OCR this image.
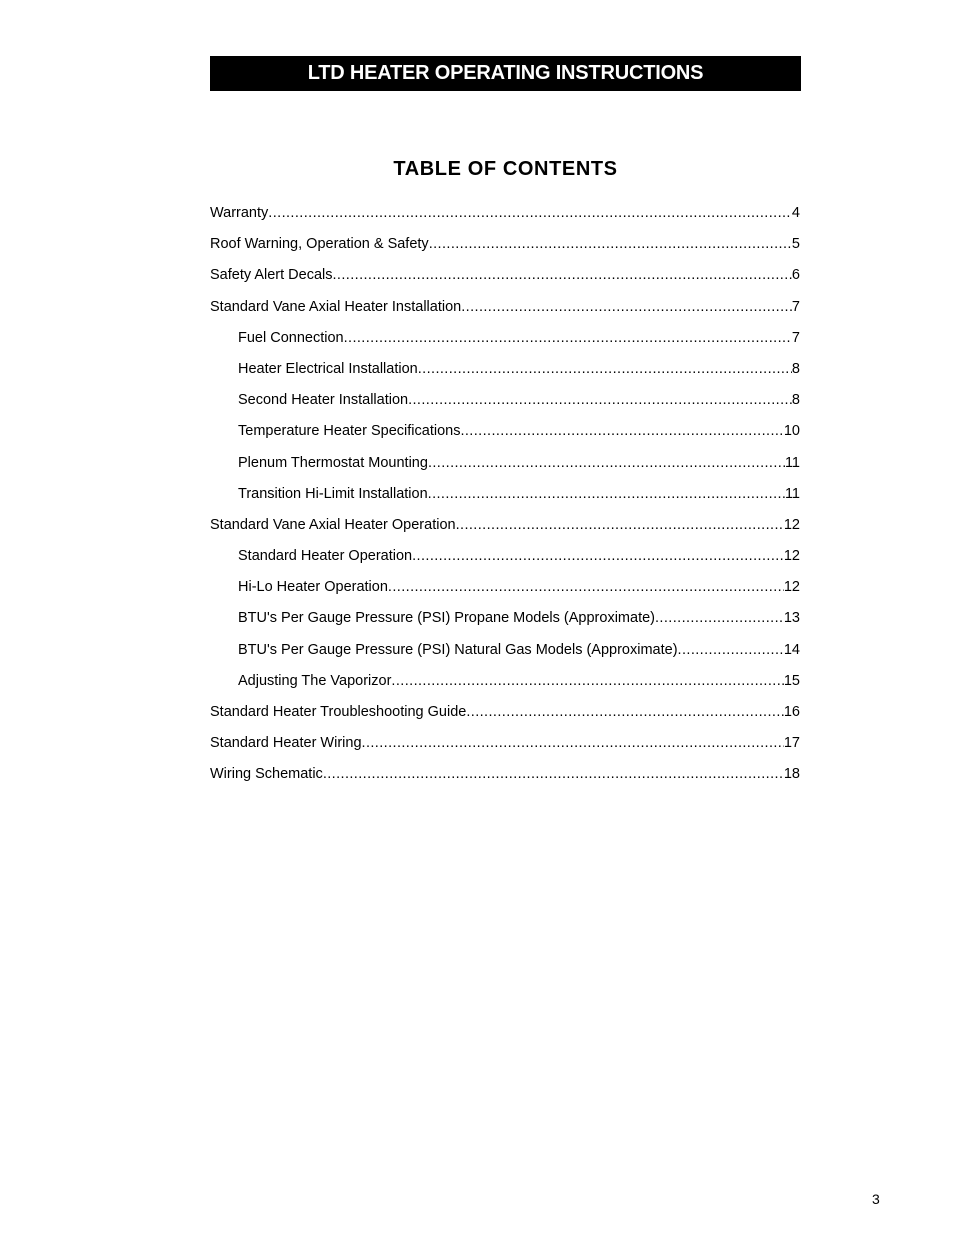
LTD HEATER OPERATING INSTRUCTIONS
TABLE OF CONTENTS
Warranty .....	4
Roof Warning, Operation & Safety .....	5
Safety Alert Decals .....	6
Standard Vane Axial Heater Installation .....	7
Fuel Connection .....	7
Heater Electrical Installation .....	8
Second Heater Installation .....	8
Temperature Heater Specifications .....	10
Plenum Thermostat Mounting .....	11
Transition Hi-Limit Installation .....	11
Standard Vane Axial Heater Operation .....	12
Standard Heater Operation .....	12
Hi-Lo Heater Operation .....	12
BTU's Per Gauge Pressure (PSI) Propane Models (Approximate) .....	13
BTU's Per Gauge Pressure (PSI) Natural Gas Models (Approximate) .....	14
Adjusting The Vaporizor .....	15
Standard Heater Troubleshooting Guide .....	16
Standard Heater Wiring .....	17
Wiring Schematic .....	18
3
